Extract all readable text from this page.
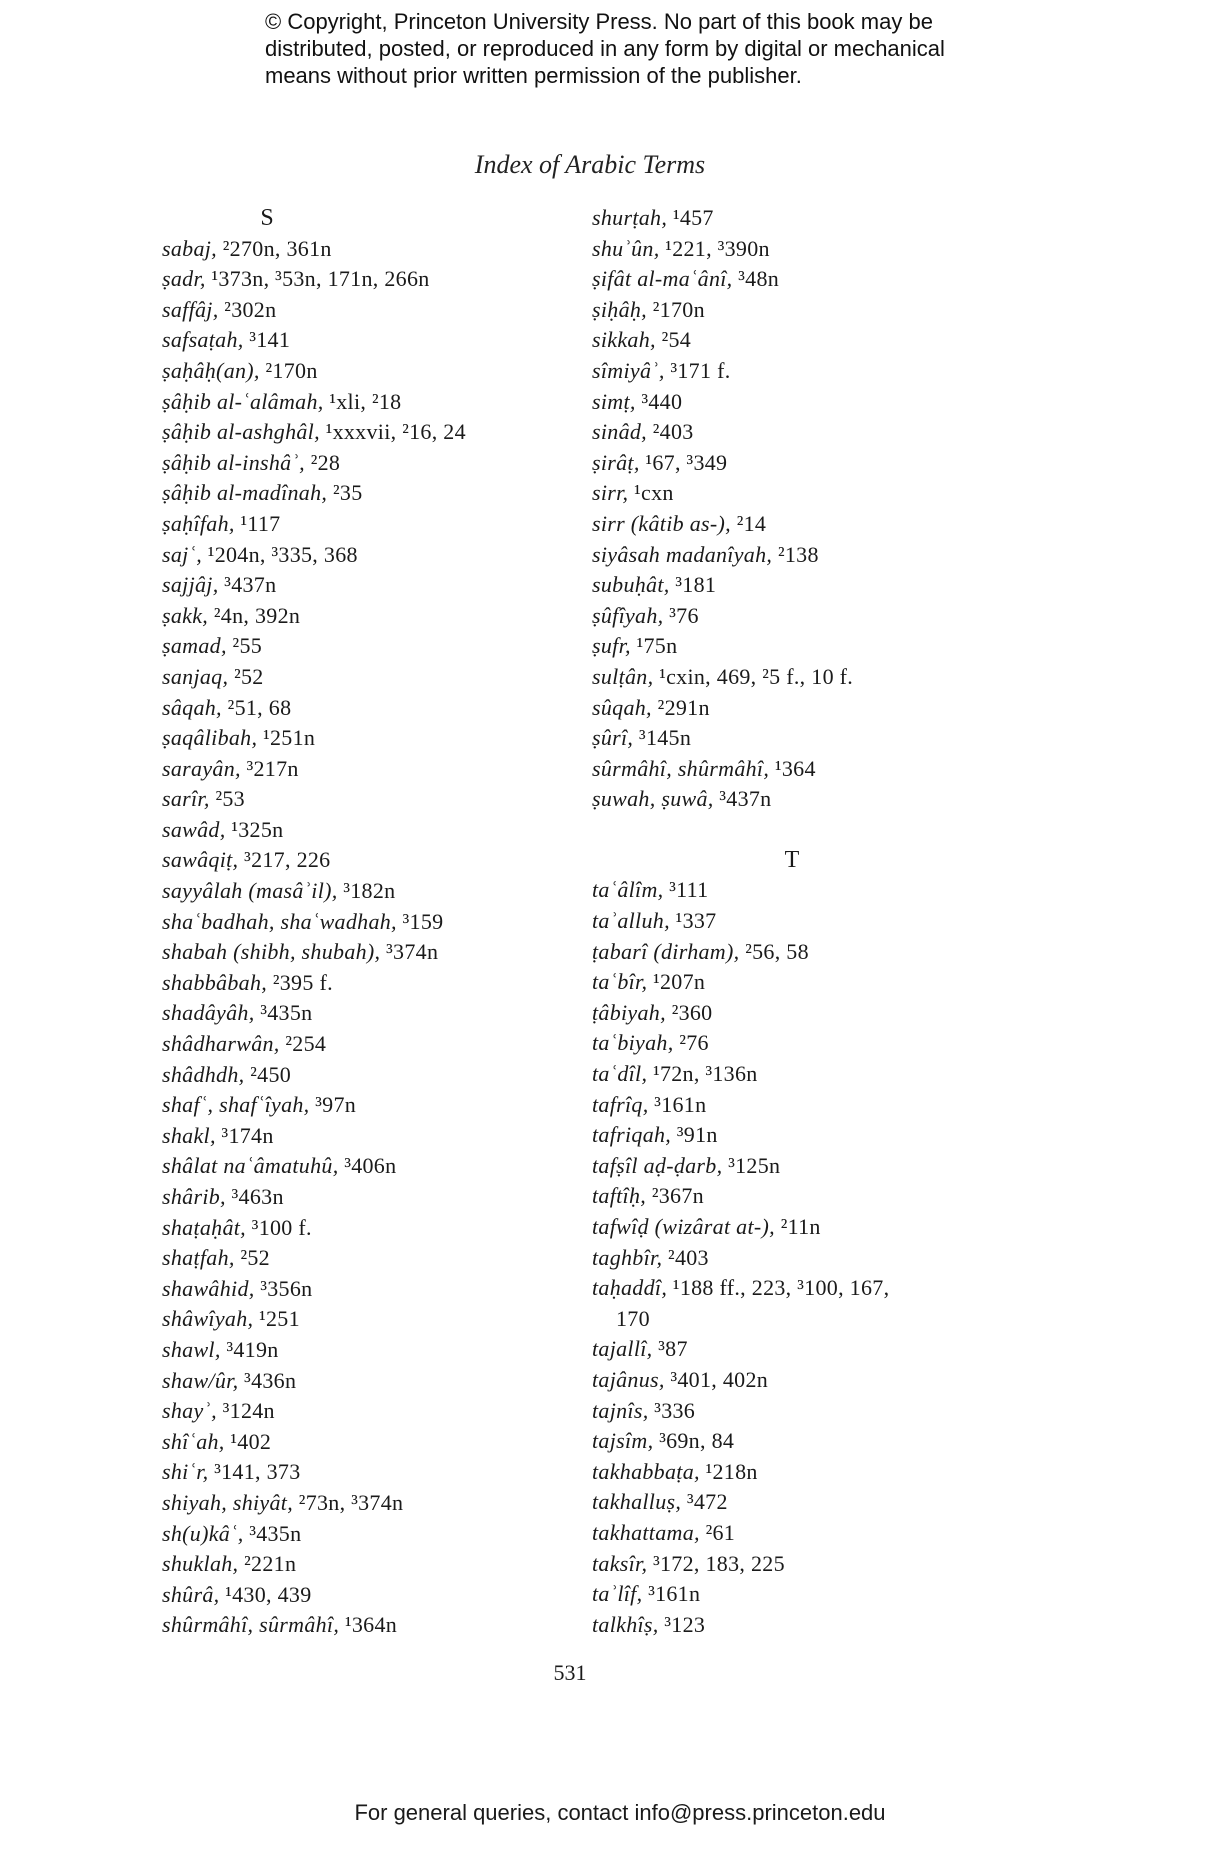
© Copyright, Princeton University Press. No part of this book may be
distributed, posted, or reproduced in any form by digital or mechanical
means without prior written permission of the publisher.
Index of Arabic Terms
S
sabaj, ²270n, 361n
ṣadr, ¹373n, ³53n, 171n, 266n
saffâj, ²302n
safsaṭah, ³141
ṣaḥâḥ(an), ²170n
ṣâḥib al-ʿalâmah, ¹xli, ²18
ṣâḥib al-ashghâl, ¹xxxvii, ²16, 24
ṣâḥib al-inshâʾ, ²28
ṣâḥib al-madînah, ²35
ṣaḥîfah, ¹117
sajʿ, ¹204n, ³335, 368
sajjâj, ³437n
ṣakk, ²4n, 392n
ṣamad, ²55
sanjaq, ²52
sâqah, ²51, 68
ṣaqâlibah, ¹251n
sarayân, ³217n
sarîr, ²53
sawâd, ¹325n
sawâqiṭ, ³217, 226
sayyâlah (masâʾil), ³182n
shaʿbadhah, shaʿwadhah, ³159
shabah (shibh, shubah), ³374n
shabbâbah, ²395 f.
shadâyâh, ³435n
shâdharwân, ²254
shâdhdh, ²450
shafʿ, shafʿîyah, ³97n
shakl, ³174n
shâlat naʿâmatuhû, ³406n
shârib, ³463n
shaṭaḥât, ³100 f.
shaṭfah, ²52
shawâhid, ³356n
shâwîyah, ¹251
shawl, ³419n
shaw/ûr, ³436n
shayʾ, ³124n
shîʿah, ¹402
shiʿr, ³141, 373
shiyah, shiyât, ²73n, ³374n
sh(u)kâʿ, ³435n
shuklah, ²221n
shûrâ, ¹430, 439
shûrmâhî, sûrmâhî, ¹364n
shurṭah, ¹457
shuʾûn, ¹221, ³390n
ṣifât al-maʿânî, ³48n
ṣiḥâḥ, ²170n
sikkah, ²54
sîmiyâʾ, ³171 f.
simṭ, ³440
sinâd, ²403
ṣirâṭ, ¹67, ³349
sirr, ¹cxn
sirr (kâtib as-), ²14
siyâsah madanîyah, ²138
subuḥât, ³181
ṣûfîyah, ³76
ṣufr, ¹75n
sulṭân, ¹cxin, 469, ²5 f., 10 f.
sûqah, ²291n
ṣûrî, ³145n
sûrmâhî, shûrmâhî, ¹364
ṣuwah, ṣuwâ, ³437n
T
taʿâlîm, ³111
taʾalluh, ¹337
ṭabarî (dirham), ²56, 58
taʿbîr, ¹207n
ṭâbiyah, ²360
taʿbiyah, ²76
taʿdîl, ¹72n, ³136n
tafrîq, ³161n
tafriqah, ³91n
tafṣîl aḍ-ḍarb, ³125n
taftîḥ, ²367n
tafwîḍ (wizârat at-), ²11n
taghbîr, ²403
taḥaddî, ¹188 ff., 223, ³100, 167,
170
tajallî, ³87
tajânus, ³401, 402n
tajnîs, ³336
tajsîm, ³69n, 84
takhabbaṭa, ¹218n
takhalluṣ, ³472
takhattama, ²61
taksîr, ³172, 183, 225
taʾlîf, ³161n
talkhîṣ, ³123
531
For general queries, contact info@press.princeton.edu
